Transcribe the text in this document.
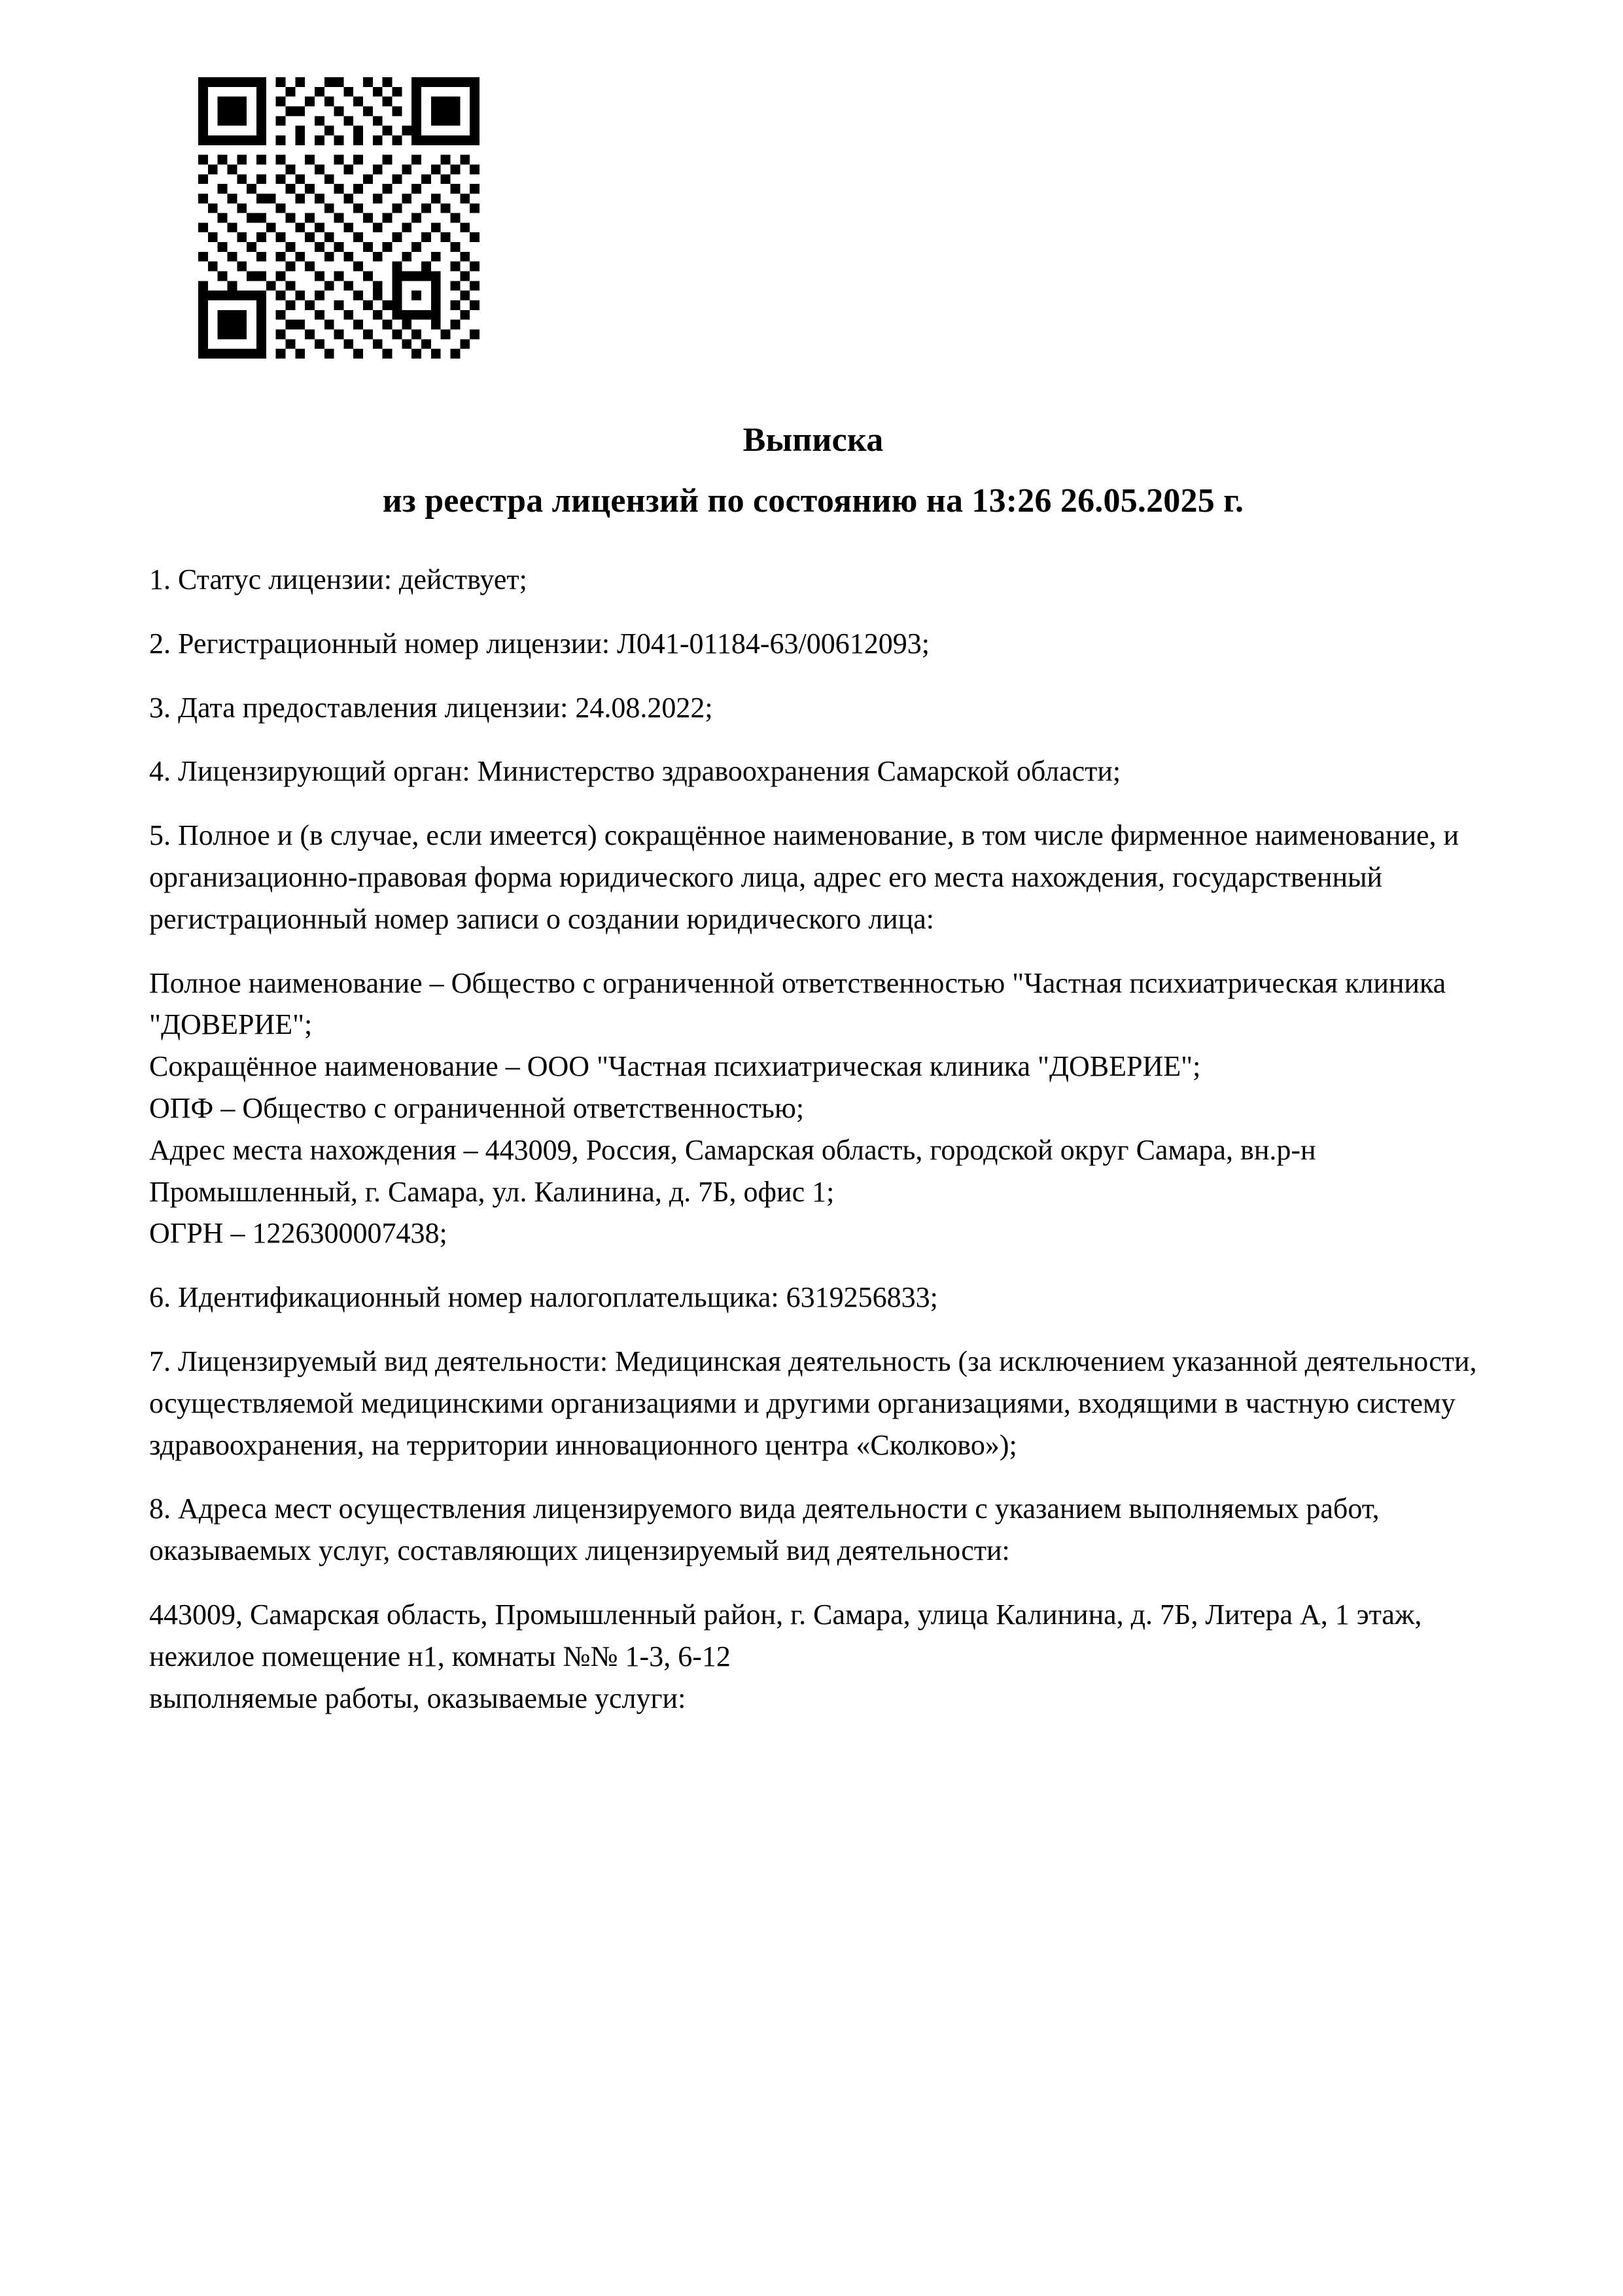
Выписка
из реестра лицензий по состоянию на 13:26 26.05.2025 г.

1. Статус лицензии: действует;

2. Регистрационный номер лицензии: Л041-01184-63/00612093;

3. Дата предоставления лицензии: 24.08.2022;

4. Лицензирующий орган: Министерство здравоохранения Самарской области;

5. Полное и (в случае, если имеется) сокращённое наименование, в том числе фирменное наименование, и организационно-правовая форма юридического лица, адрес его места нахождения, государственный регистрационный номер записи о создании юридического лица:

Полное наименование – Общество с ограниченной ответственностью "Частная психиатрическая клиника "ДОВЕРИЕ";

Сокращённое наименование – ООО "Частная психиатрическая клиника "ДОВЕРИЕ";

ОПФ – Общество с ограниченной ответственностью;

Адрес места нахождения – 443009, Россия, Самарская область, городской округ Самара, вн.р-н Промышленный, г. Самара, ул. Калинина, д. 7Б, офис 1;

ОГРН – 1226300007438;

6. Идентификационный номер налогоплательщика: 6319256833;

7. Лицензируемый вид деятельности: Медицинская деятельность (за исключением указанной деятельности, осуществляемой медицинскими организациями и другими организациями, входящими в частную систему здравоохранения, на территории инновационного центра «Сколково»);

8. Адреса мест осуществления лицензируемого вида деятельности с указанием выполняемых работ, оказываемых услуг, составляющих лицензируемый вид деятельности:

443009, Самарская область, Промышленный район, г. Самара, улица Калинина, д. 7Б, Литера А, 1 этаж, нежилое помещение н1, комнаты №№ 1-3, 6-12

выполняемые работы, оказываемые услуги:
